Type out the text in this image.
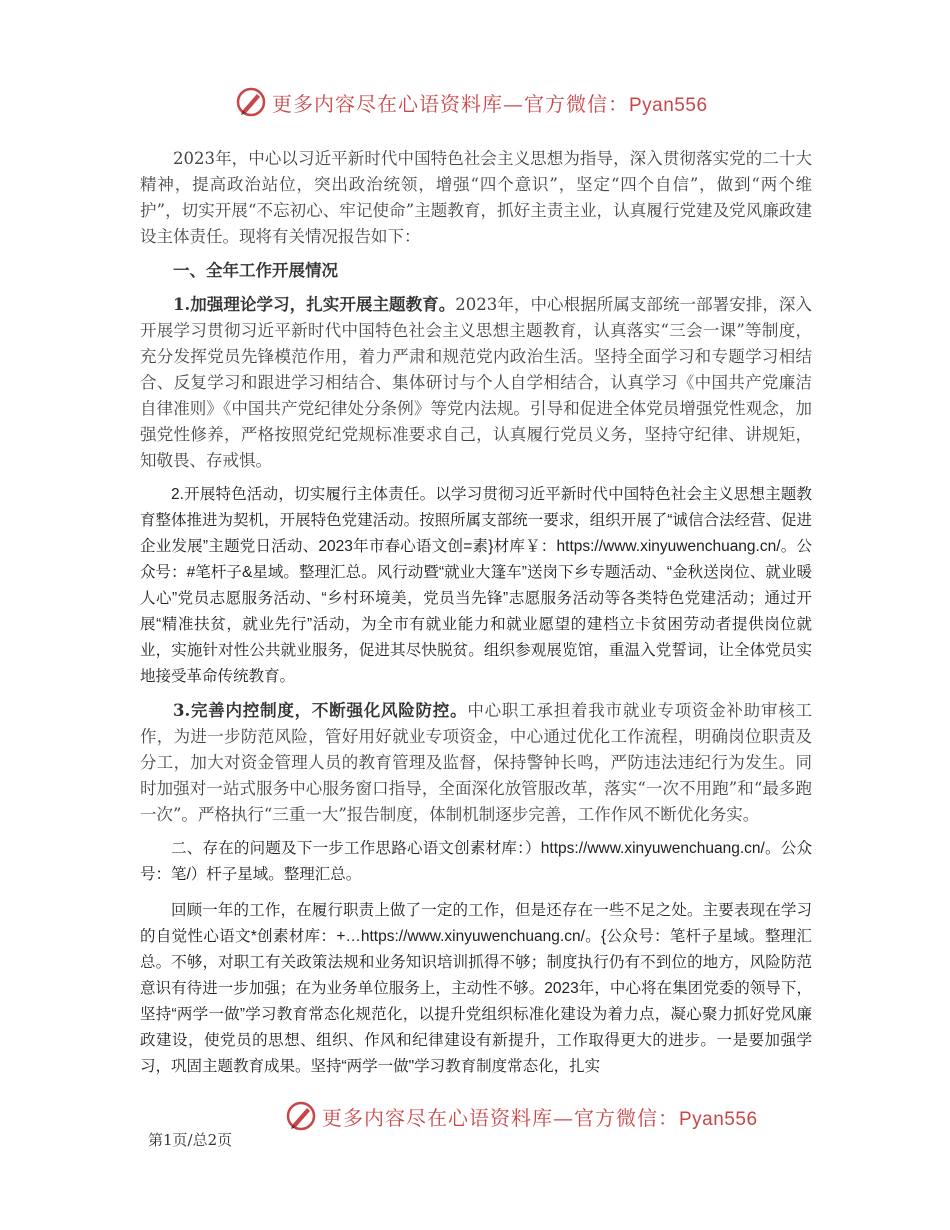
更多内容尽在心语资料库—官方微信：Pyan556

2023年，中心以习近平新时代中国特色社会主义思想为指导，深入贯彻落实党的二十大精神，提高政治站位，突出政治统领，增强“四个意识”，坚定“四个自信”，做到“两个维护”，切实开展“不忘初心、牢记使命”主题教育，抓好主责主业，认真履行党建及党风廉政建设主体责任。现将有关情况报告如下：

一、全年工作开展情况

1.加强理论学习，扎实开展主题教育。2023年，中心根据所属支部统一部署安排，深入开展学习贯彻习近平新时代中国特色社会主义思想主题教育，认真落实“三会一课”等制度，充分发挥党员先锋模范作用，着力严肃和规范党内政治生活。坚持全面学习和专题学习相结合、反复学习和跟进学习相结合、集体研讨与个人自学相结合，认真学习《中国共产党廉洁自律准则》《中国共产党纪律处分条例》等党内法规。引导和促进全体党员增强党性观念，加强党性修养，严格按照党纪党规标准要求自己，认真履行党员义务，坚持守纪律、讲规矩，知敬畏、存戒惧。

2.开展特色活动，切实履行主体责任。以学习贯彻习近平新时代中国特色社会主义思想主题教育整体推进为契机，开展特色党建活动。按照所属支部统一要求，组织开展了“诚信合法经营、促进企业发展”主题党日活动、2023年市春心语文创=素}材库￥：https://www.xinyuwenchuang.cn/。公众号：#笔杆子&星域。整理汇总。风行动暨“就业大篷车”送岗下乡专题活动、“金秋送岗位、就业暖人心”党员志愿服务活动、“乡村环境美，党员当先锋”志愿服务活动等各类特色党建活动；通过开展“精准扶贫，就业先行”活动，为全市有就业能力和就业愿望的建档立卡贫困劳动者提供岗位就业，实施针对性公共就业服务，促进其尽快脱贫。组织参观展览馆，重温入党誓词，让全体党员实地接受革命传统教育。

3.完善内控制度，不断强化风险防控。中心职工承担着我市就业专项资金补助审核工作，为进一步防范风险，管好用好就业专项资金，中心通过优化工作流程，明确岗位职责及分工，加大对资金管理人员的教育管理及监督，保持警钟长鸣，严防违法违纪行为发生。同时加强对一站式服务中心服务窗口指导，全面深化放管服改革，落实“一次不用跑”和“最多跑一次”。严格执行“三重一大”报告制度，体制机制逐步完善，工作作风不断优化务实。

二、存在的问题及下一步工作思路心语文创素材库：）https://www.xinyuwenchuang.cn/。公众号：笔/）杆子星域。整理汇总。

回顾一年的工作，在履行职责上做了一定的工作，但是还存在一些不足之处。主要表现在学习的自觉性心语文*创素材库：+…https://www.xinyuwenchuang.cn/。{公众号：笔杆子星域。整理汇总。不够，对职工有关政策法规和业务知识培训抓得不够；制度执行仍有不到位的地方，风险防范意识有待进一步加强；在为业务单位服务上，主动性不够。2023年，中心将在集团党委的领导下，坚持“两学一做”学习教育常态化规范化，以提升党组织标准化建设为着力点，凝心聚力抓好党风廉政建设，使党员的思想、组织、作风和纪律建设有新提升，工作取得更大的进步。一是要加强学习，巩固主题教育成果。坚持“两学一做"学习教育制度常态化，扎实

更多内容尽在心语资料库—官方微信：Pyan556
第1页/总2页
